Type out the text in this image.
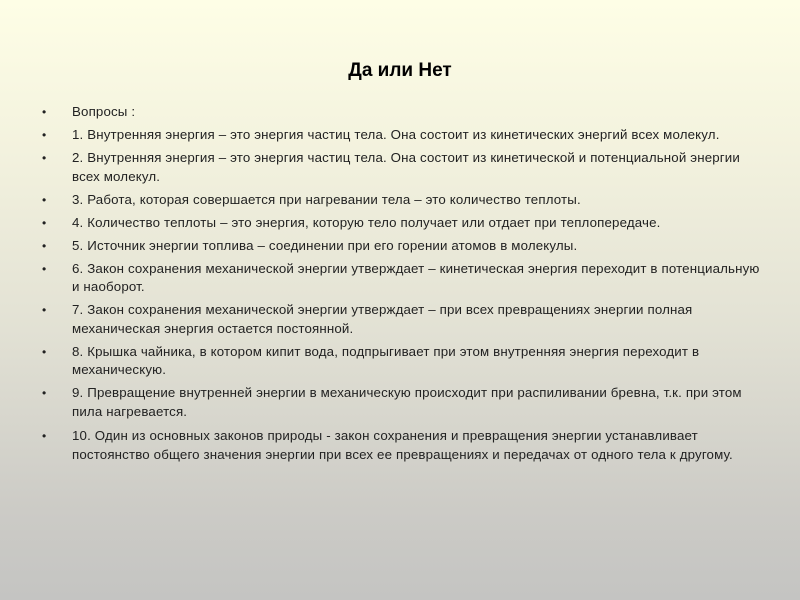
Да или Нет
•	Вопросы :
•	1. Внутренняя энергия – это энергия частиц тела. Она состоит из кинетических энергий всех молекул.
•	2. Внутренняя энергия – это энергия частиц тела. Она состоит из кинетической и потенциальной энергии всех молекул.
•	3. Работа, которая совершается при нагревании тела – это количество теплоты.
•	4. Количество теплоты – это энергия, которую тело получает или отдает при теплопередаче.
•	5. Источник энергии топлива – соединении при его горении атомов в молекулы.
•	6. Закон сохранения механической энергии утверждает – кинетическая энергия переходит в потенциальную и наоборот.
•	7. Закон сохранения механической энергии утверждает – при всех превращениях энергии полная механическая энергия остается постоянной.
•	8. Крышка чайника, в котором кипит вода, подпрыгивает при этом внутренняя энергия переходит в механическую.
•	9. Превращение внутренней энергии в механическую происходит при распиливании бревна, т.к. при этом пила нагревается.
•	10. Один из основных законов природы - закон сохранения и превращения энергии устанавливает постоянство общего значения энергии при всех ее превращениях и передачах от одного тела к другому.
